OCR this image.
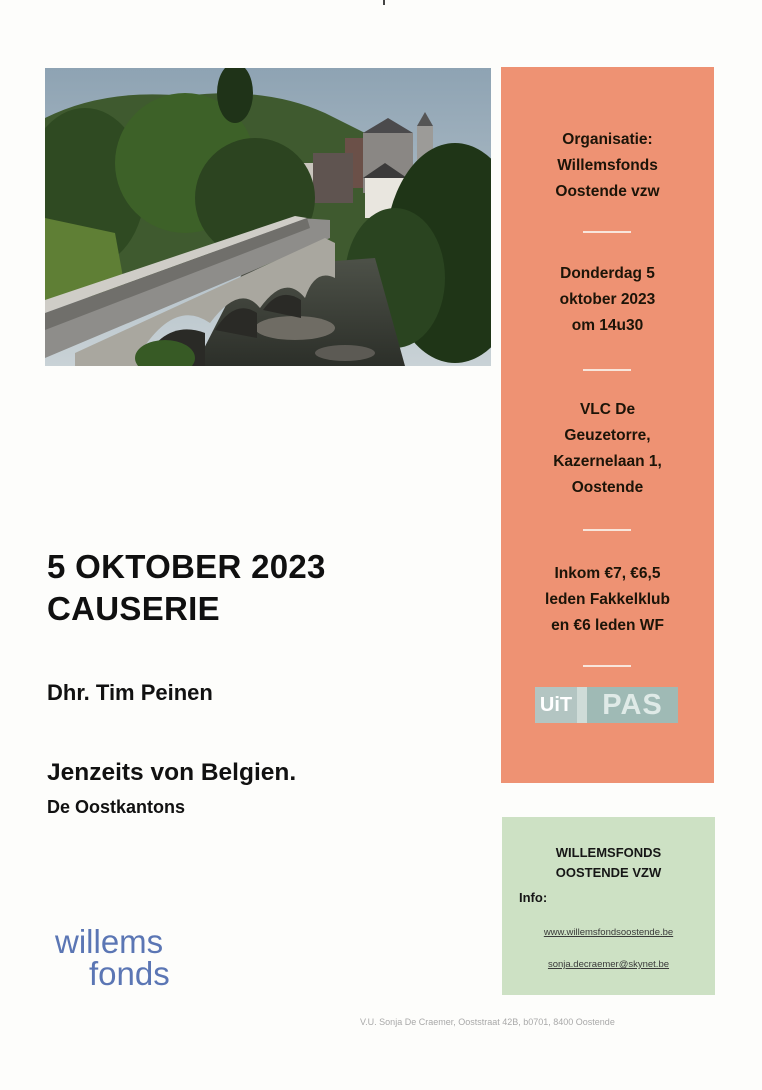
Organisatie:
Willemsfonds
Oostende vzw
Donderdag 5
oktober 2023
om 14u30
VLC De
Geuzetorre,
Kazernelaan 1,
Oostende
Inkom €7, €6,5
leden Fakkelklub
en €6 leden WF
UiT	PAS
5 OKTOBER 2023
CAUSERIE
Dhr. Tim Peinen
Jenzeits von Belgien.
De Oostkantons
WILLEMSFONDS
OOSTENDE VZW
Info:
www.willemsfondsoostende.be
sonja.decraemer@skynet.be
willems
fonds
V.U. Sonja De Craemer, Ooststraat 42B, b0701, 8400 Oostende
